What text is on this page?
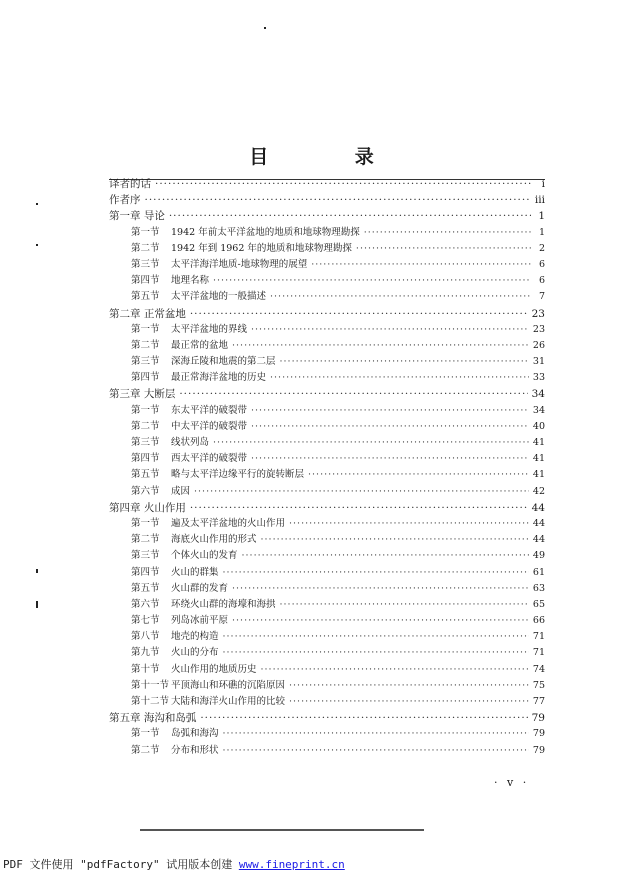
目 录
译者的话 ·····	i
作者序 ·····	iii
第一章 导论 ·····	1
第一节 1942 年前太平洋盆地的地质和地球物理勘探 ·····	1
第二节 1942 年到 1962 年的地质和地球物理勘探 ·····	2
第三节 太平洋海洋地质-地球物理的展望 ·····	6
第四节 地理名称 ·····	6
第五节 太平洋盆地的一般描述 ·····	7
第二章 正常盆地 ·····	23
第一节 太平洋盆地的界线 ·····	23
第二节 最正常的盆地 ·····	26
第三节 深海丘陵和地震的第二层 ·····	31
第四节 最正常海洋盆地的历史 ·····	33
第三章 大断层 ·····	34
第一节 东太平洋的破裂带 ·····	34
第二节 中太平洋的破裂带 ·····	40
第三节 线状列岛 ·····	41
第四节 西太平洋的破裂带 ·····	41
第五节 略与太平洋边缘平行的旋转断层 ·····	41
第六节 成因 ·····	42
第四章 火山作用 ·····	44
第一节 遍及太平洋盆地的火山作用 ·····	44
第二节 海底火山作用的形式 ·····	44
第三节 个体火山的发育 ·····	49
第四节 火山的群集 ·····	61
第五节 火山群的发育 ·····	63
第六节 环绕火山群的海壕和海拱 ·····	65
第七节 列岛冰前平原 ·····	66
第八节 地壳的构造 ·····	71
第九节 火山的分布 ·····	71
第十节 火山作用的地质历史 ·····	74
第十一节 平顶海山和环礁的沉陷原因 ·····	75
第十二节 大陆和海洋火山作用的比较 ·····	77
第五章 海沟和岛弧 ·····	79
第一节 岛弧和海沟 ·····	79
第二节 分布和形状 ·····	79
· v ·
PDF 文件使用 "pdfFactory" 试用版本创建 www.fineprint.cn
